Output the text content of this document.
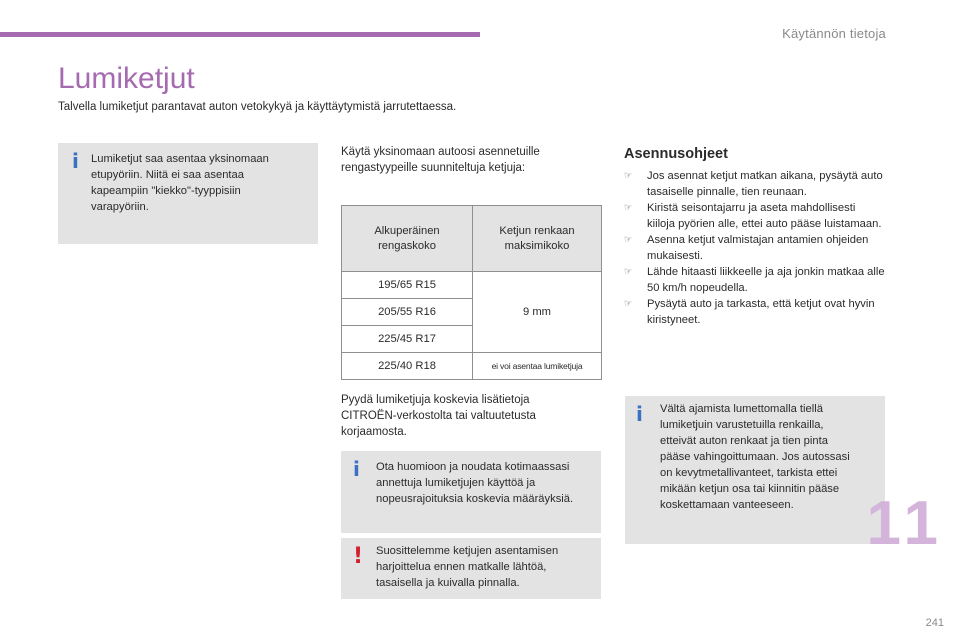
Käytännön tietoja
Lumiketjut

Talvella lumiketjut parantavat auton vetokykyä ja käyttäytymistä jarrutettaessa.

i Lumiketjut saa asentaa yksinomaan
etupyöriin. Niitä ei saa asentaa
kapeampiin "kiekko"-tyyppisiin
varapyöriin.
Käytä yksinomaan autoosi asennetuille
rengastyypeille suunniteltuja ketjuja:
Alkuperäinen
rengaskoko	Ketjun renkaan
maksimikoko
195/65 R15	9 mm
205/55 R16	
225/45 R17	
225/40 R18	ei voi asentaa lumiketjuja
Pyydä lumiketjuja koskevia lisätietoja
CITROËN-verkostolta tai valtuutetusta
korjaamosta.
i Ota huomioon ja noudata kotimaassasi
annettuja lumiketjujen käyttöä ja
nopeusrajoituksia koskevia määräyksiä.
! Suosittelemme ketjujen asentamisen
harjoittelua ennen matkalle lähtöä,
tasaisella ja kuivalla pinnalla.
Asennusohjeet
☞ Jos asennat ketjut matkan aikana, pysäytä auto tasaiselle pinnalle, tien reunaan.
☞ Kiristä seisontajarru ja aseta mahdollisesti kiiloja pyörien alle, ettei auto pääse luistamaan.
☞ Asenna ketjut valmistajan antamien ohjeiden mukaisesti.
☞ Lähde hitaasti liikkeelle ja aja jonkin matkaa alle 50 km/h nopeudella.
☞ Pysäytä auto ja tarkasta, että ketjut ovat hyvin kiristyneet.
i Vältä ajamista lumettomalla tiellä
lumiketjuin varustetuilla renkailla,
etteivät auton renkaat ja tien pinta
pääse vahingoittumaan. Jos autossasi
on kevytmetallivanteet, tarkista ettei
mikään ketjun osa tai kiinnitin pääse
koskettamaan vanteeseen.	11
241
